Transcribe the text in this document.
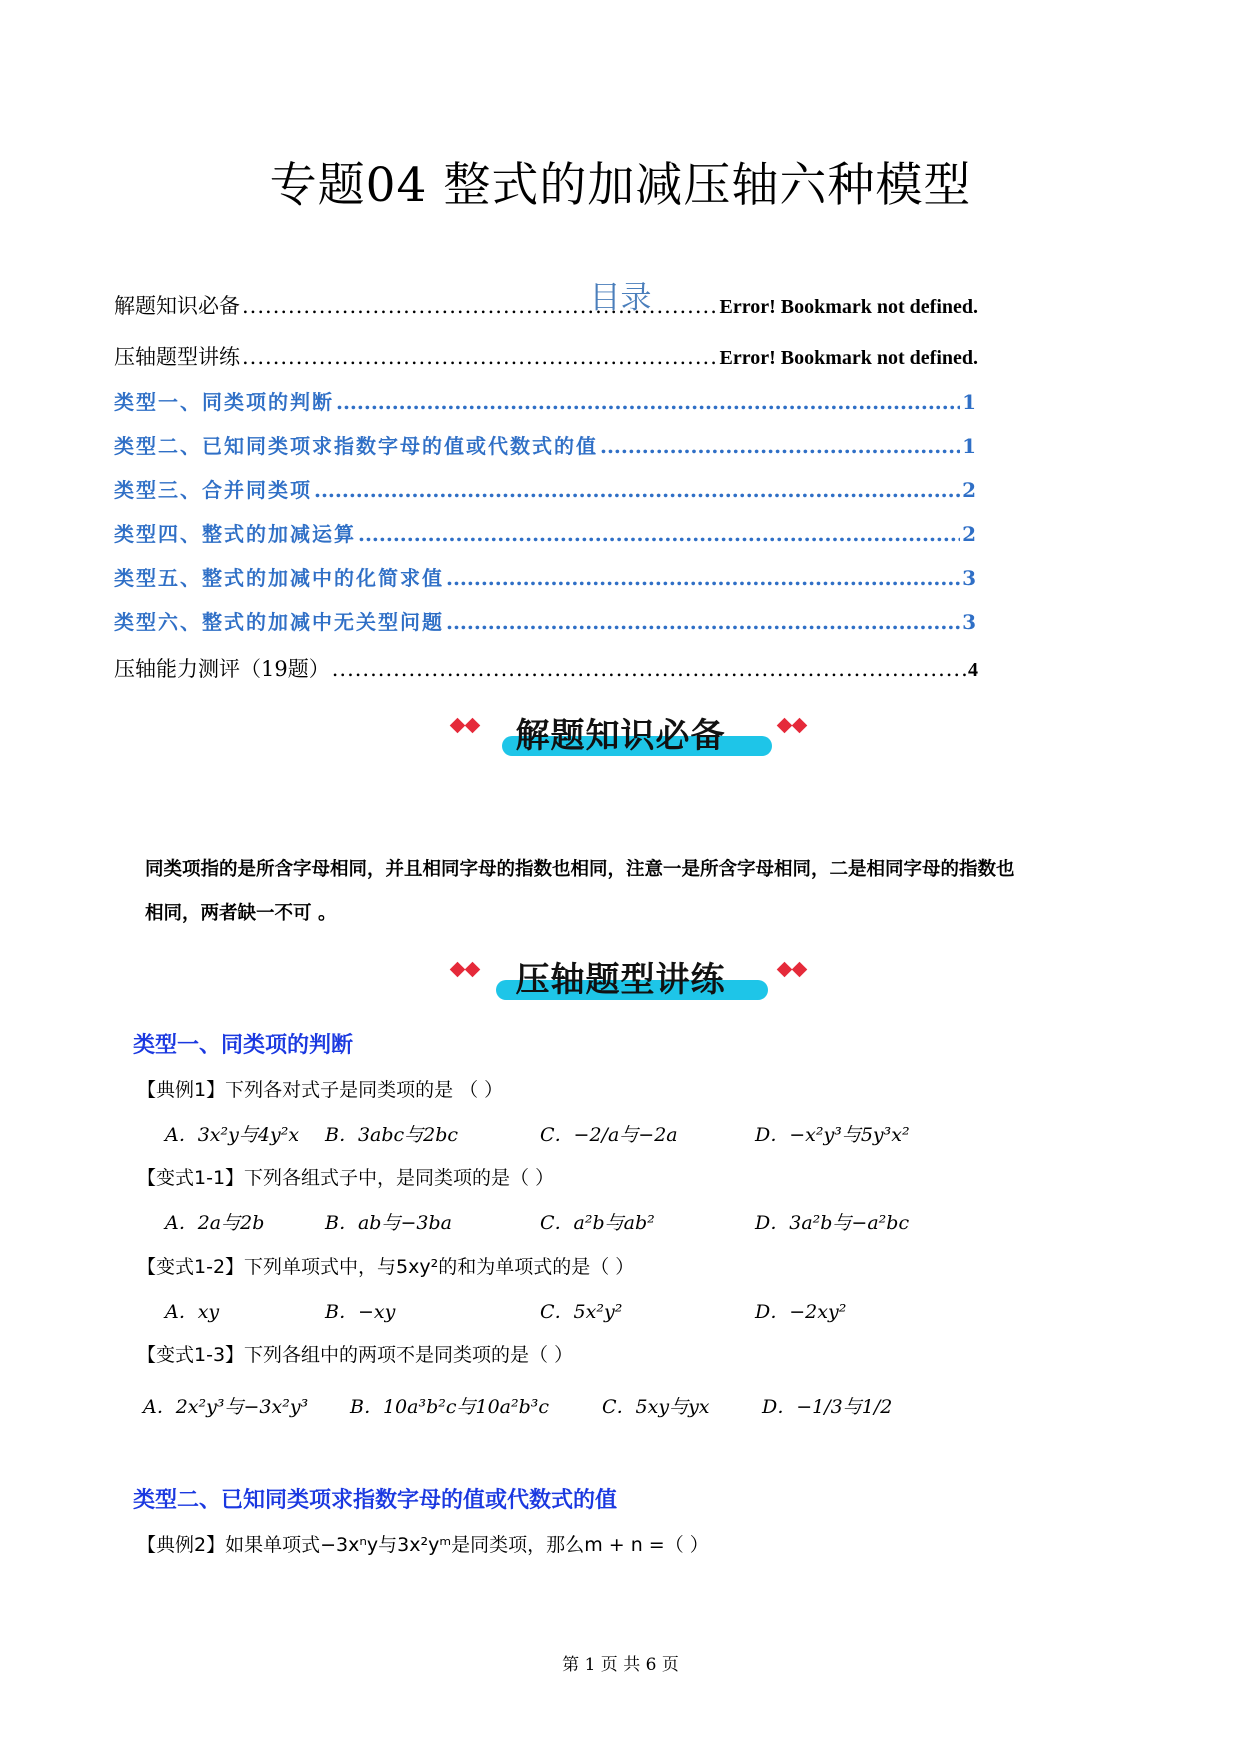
专题04 整式的加减压轴六种模型
目录
解题知识必备 .....	Error! Bookmark not defined.
压轴题型讲练 .....	Error! Bookmark not defined.
类型一、同类项的判断 .....	1
类型二、已知同类项求指数字母的值或代数式的值 .....	1
类型三、合并同类项 .....	2
类型四、整式的加减运算 .....	2
类型五、整式的加减中的化简求值 .....	3
类型六、整式的加减中无关型问题 .....	3
压轴能力测评（19题） .....	4
解题知识必备
同类项指的是所含字母相同，并且相同字母的指数也相同，注意一是所含字母相同，二是相同字母的指数也
相同，两者缺一不可 。
压轴题型讲练
类型一、同类项的判断
【典例1】下列各对式子是同类项的是 （ ）
A．3x²y与4y²x B．3abc与2bc	C．−2/a与−2a	D．−x²y³与5y³x²
【变式1-1】下列各组式子中，是同类项的是（ ）
A．2a与2b	B．ab与−3ba	C．a²b与ab²	D．3a²b与−a²bc
【变式1-2】下列单项式中，与5xy²的和为单项式的是（ ）
A．xy	B．−xy	C．5x²y²	D．−2xy²
【变式1-3】下列各组中的两项不是同类项的是（ ）
A．2x²y³与−3x²y³ B．10a³b²c与10a²b³c	C．5xy与yx	D．−1/3与1/2
类型二、已知同类项求指数字母的值或代数式的值
【典例2】如果单项式−3xⁿy与3x²yᵐ是同类项，那么m + n =（ ）
第 1 页 共 6 页
